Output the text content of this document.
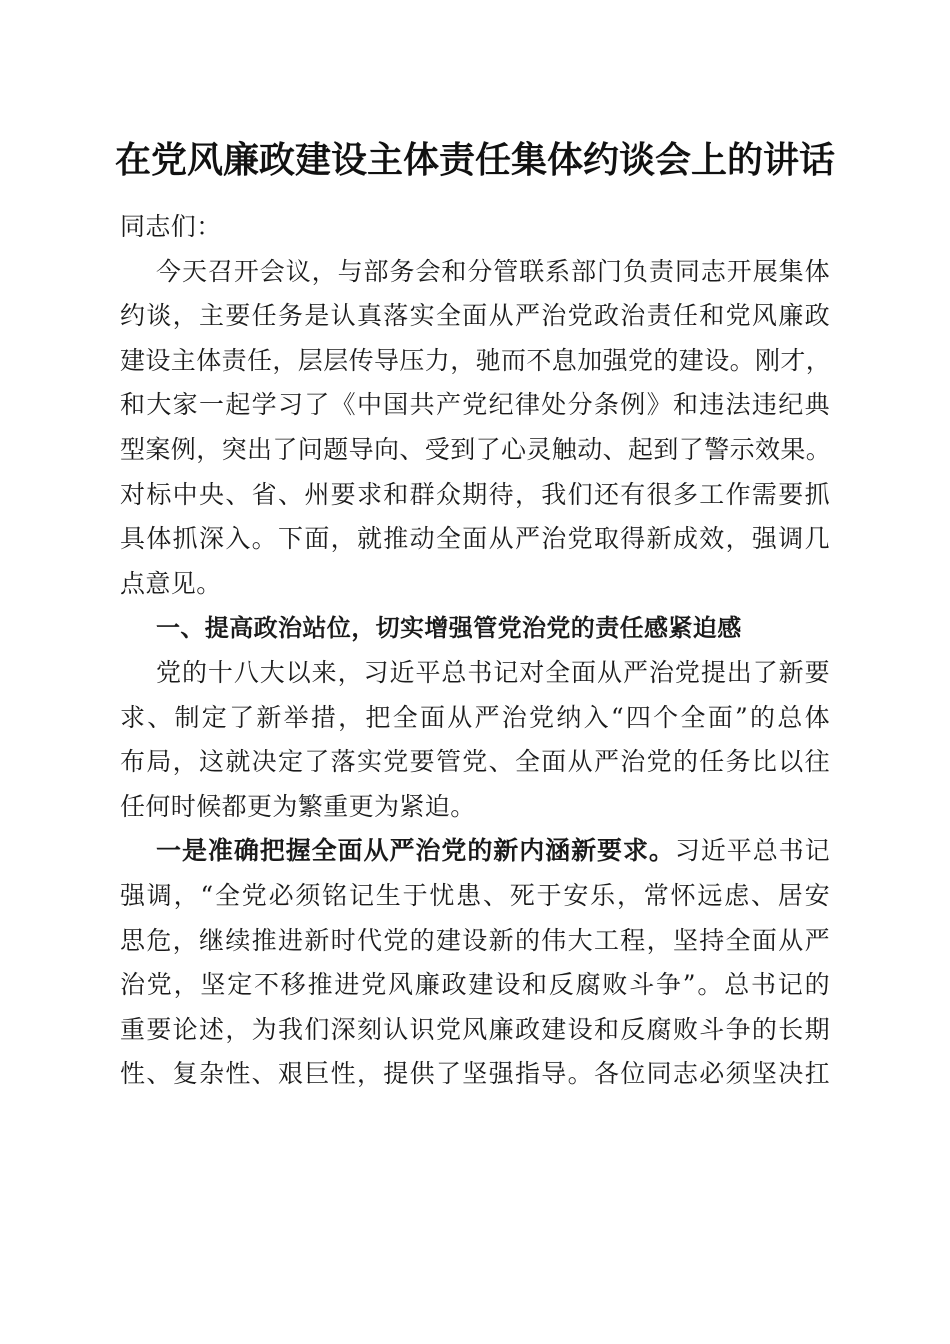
在党风廉政建设主体责任集体约谈会上的讲话
同志们：
今天召开会议，与部务会和分管联系部门负责同志开展集体
约谈，主要任务是认真落实全面从严治党政治责任和党风廉政
建设主体责任，层层传导压力，驰而不息加强党的建设。刚才，
和大家一起学习了《中国共产党纪律处分条例》和违法违纪典
型案例，突出了问题导向、受到了心灵触动、起到了警示效果。
对标中央、省、州要求和群众期待，我们还有很多工作需要抓
具体抓深入。下面，就推动全面从严治党取得新成效，强调几
点意见。
一、提高政治站位，切实增强管党治党的责任感紧迫感
党的十八大以来，习近平总书记对全面从严治党提出了新要
求、制定了新举措，把全面从严治党纳入“四个全面”的总体
布局，这就决定了落实党要管党、全面从严治党的任务比以往
任何时候都更为繁重更为紧迫。
一是准确把握全面从严治党的新内涵新要求。习近平总书记
强调，“全党必须铭记生于忧患、死于安乐，常怀远虑、居安
思危，继续推进新时代党的建设新的伟大工程，坚持全面从严
治党，坚定不移推进党风廉政建设和反腐败斗争”。总书记的
重要论述，为我们深刻认识党风廉政建设和反腐败斗争的长期
性、复杂性、艰巨性，提供了坚强指导。各位同志必须坚决扛
